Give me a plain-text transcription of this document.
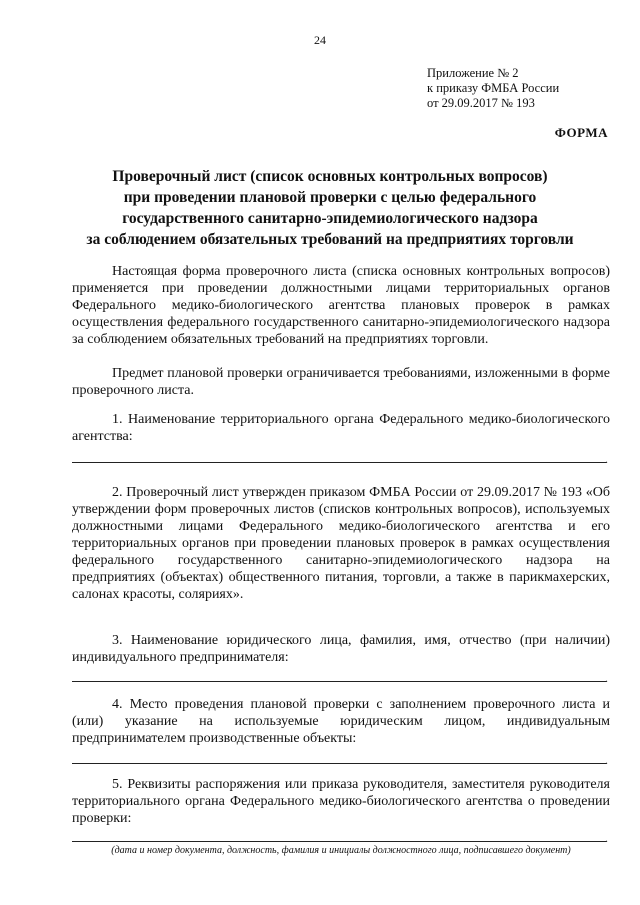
24
Приложение № 2
к приказу ФМБА России
от 29.09.2017 № 193
ФОРМА
Проверочный лист (список основных контрольных вопросов)
при проведении плановой проверки с целью федерального
государственного санитарно-эпидемиологического надзора
за соблюдением обязательных требований на предприятиях торговли
Настоящая форма проверочного листа (списка основных контрольных вопросов) применяется при проведении должностными лицами территориальных органов Федерального медико-биологического агентства плановых проверок в рамках осуществления федерального государственного санитарно-эпидемиологического надзора за соблюдением обязательных требований на предприятиях торговли.
Предмет плановой проверки ограничивается требованиями, изложенными в форме проверочного листа.
1. Наименование территориального органа Федерального медико-биологического агентства:
.
2. Проверочный лист утвержден приказом ФМБА России от 29.09.2017 № 193 «Об утверждении форм проверочных листов (списков контрольных вопросов), используемых должностными лицами Федерального медико-биологического агентства и его территориальных органов при проведении плановых проверок в рамках осуществления федерального государственного санитарно-эпидемиологического надзора на предприятиях (объектах) общественного питания, торговли, а также в парикмахерских, салонах красоты, соляриях».
3. Наименование юридического лица, фамилия, имя, отчество (при наличии) индивидуального предпринимателя:
.
4. Место проведения плановой проверки с заполнением проверочного листа и (или) указание на используемые юридическим лицом, индивидуальным предпринимателем производственные объекты:
.
5. Реквизиты распоряжения или приказа руководителя, заместителя руководителя территориального органа Федерального медико-биологического агентства о проведении проверки:
.
(дата и номер документа, должность, фамилия и инициалы должностного лица, подписавшего документ)
